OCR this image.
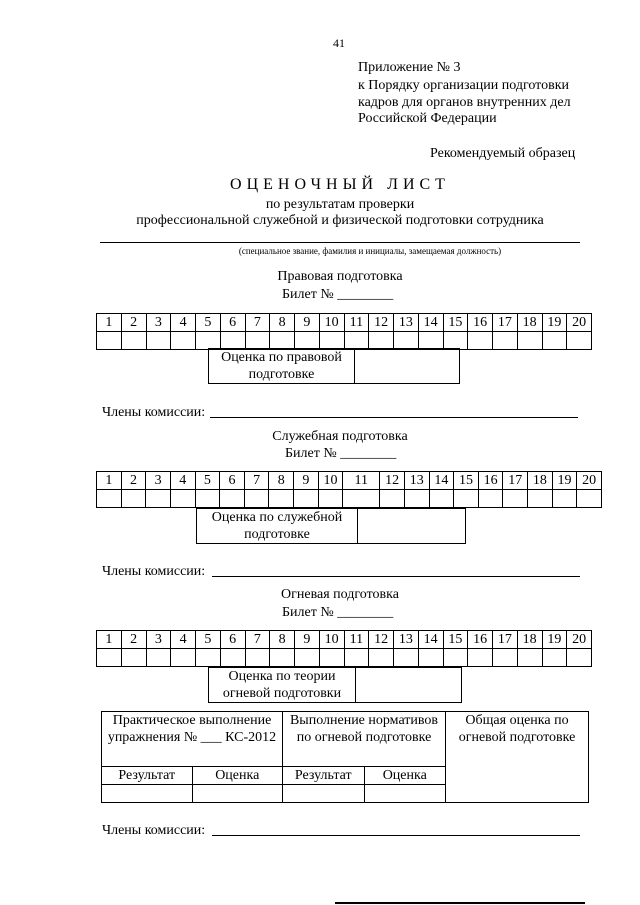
41
Приложение № 3
к Порядку организации подготовки
кадров для органов внутренних дел
Российской Федерации
Рекомендуемый образец
ОЦЕНОЧНЫЙ ЛИСТ
по результатам проверки
профессиональной служебной и физической подготовки сотрудника
(специальное звание, фамилия и инициалы, замещаемая должность)
Правовая подготовка
Билет № ________
1	2	3	4	5	6	7	8	9	10	11	12	13	14	15	16	17	18	19	20

Оценка по правовой подготовке	
Члены комиссии:
Служебная подготовка
Билет № ________
1	2	3	4	5	6	7	8	9	10	11	12	13	14	15	16	17	18	19	20

Оценка по служебной подготовке	
Члены комиссии:
Огневая подготовка
Билет № ________
1	2	3	4	5	6	7	8	9	10	11	12	13	14	15	16	17	18	19	20

Оценка по теории огневой подготовки	
Практическое выполнение упражнения № ___ КС-2012		Выполнение нормативов по огневой подготовке		Общая оценка по огневой подготовке
Результат	Оценка	Результат	Оценка	

Члены комиссии:
